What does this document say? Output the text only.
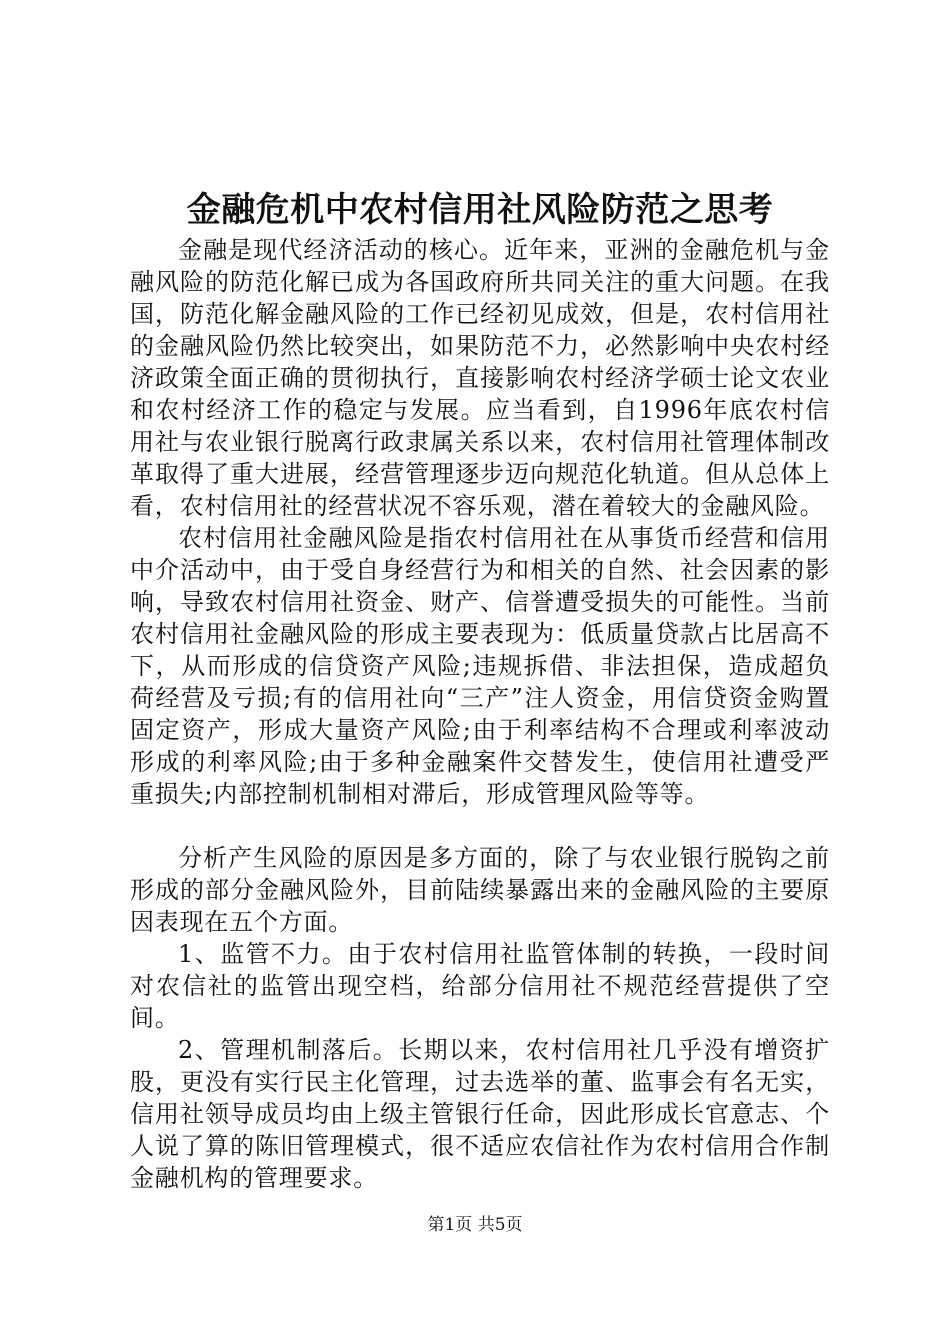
金融危机中农村信用社风险防范之思考

金融是现代经济活动的核心。近年来，亚洲的金融危机与金融风险的防范化解已成为各国政府所共同关注的重大问题。在我国，防范化解金融风险的工作已经初见成效，但是，农村信用社的金融风险仍然比较突出，如果防范不力，必然影响中央农村经济政策全面正确的贯彻执行，直接影响农村经济学硕士论文农业和农村经济工作的稳定与发展。应当看到，自1996年底农村信用社与农业银行脱离行政隶属关系以来，农村信用社管理体制改革取得了重大进展，经营管理逐步迈向规范化轨道。但从总体上看，农村信用社的经营状况不容乐观，潜在着较大的金融风险。

农村信用社金融风险是指农村信用社在从事货币经营和信用中介活动中，由于受自身经营行为和相关的自然、社会因素的影响，导致农村信用社资金、财产、信誉遭受损失的可能性。当前农村信用社金融风险的形成主要表现为：低质量贷款占比居高不下，从而形成的信贷资产风险;违规拆借、非法担保，造成超负荷经营及亏损;有的信用社向“三产”注人资金，用信贷资金购置固定资产，形成大量资产风险;由于利率结构不合理或利率波动形成的利率风险;由于多种金融案件交替发生，使信用社遭受严重损失;内部控制机制相对滞后，形成管理风险等等。

分析产生风险的原因是多方面的，除了与农业银行脱钩之前形成的部分金融风险外，目前陆续暴露出来的金融风险的主要原因表现在五个方面。

1、监管不力。由于农村信用社监管体制的转换，一段时间对农信社的监管出现空档，给部分信用社不规范经营提供了空间。

2、管理机制落后。长期以来，农村信用社几乎没有增资扩股，更没有实行民主化管理，过去选举的董、监事会有名无实，信用社领导成员均由上级主管银行任命，因此形成长官意志、个人说了算的陈旧管理模式，很不适应农信社作为农村信用合作制金融机构的管理要求。

第1页 共5页
